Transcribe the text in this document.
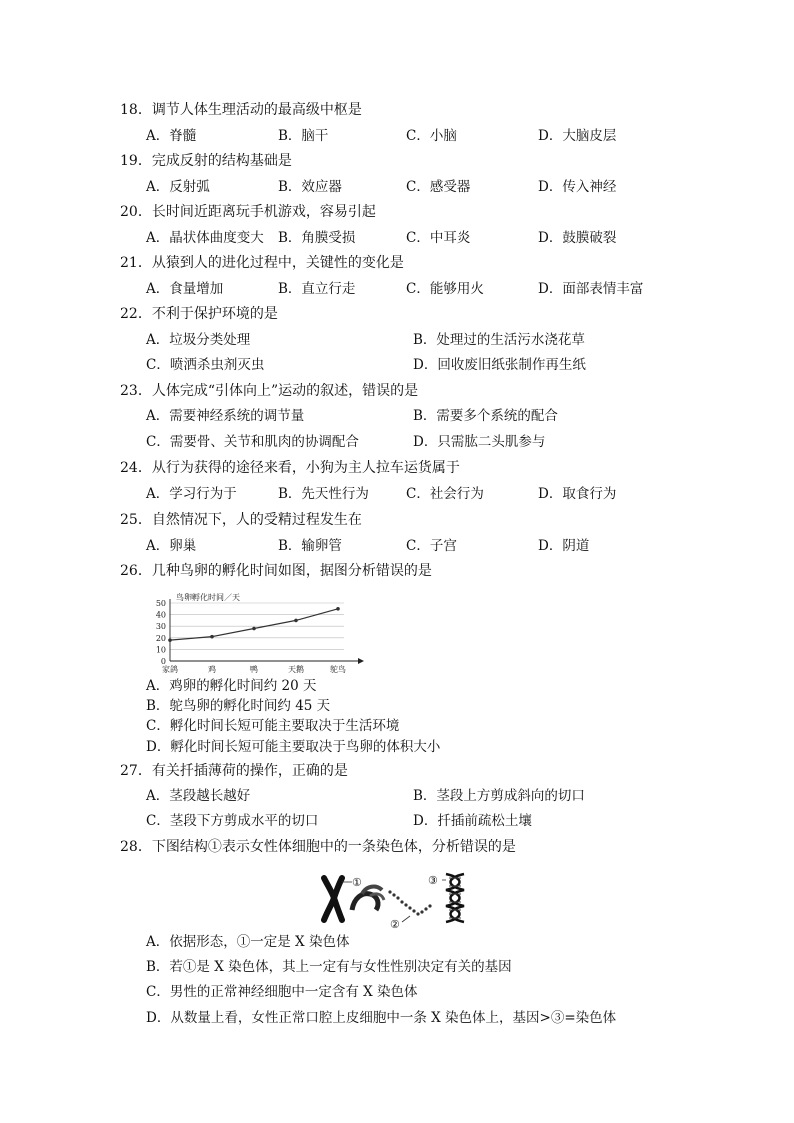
18．调节人体生理活动的最高级中枢是
A．脊髓	B．脑干	C．小脑	D．大脑皮层
19．完成反射的结构基础是
A．反射弧	B．效应器	C．感受器	D．传入神经
20．长时间近距离玩手机游戏，容易引起
A．晶状体曲度变大 B．角膜受损	C．中耳炎	D．鼓膜破裂
21．从猿到人的进化过程中，关键性的变化是
A．食量增加	B．直立行走	C．能够用火	D．面部表情丰富
22．不利于保护环境的是
A．垃圾分类处理	B．处理过的生活污水浇花草
C．喷洒杀虫剂灭虫	D．回收废旧纸张制作再生纸
23．人体完成“引体向上”运动的叙述，错误的是
A．需要神经系统的调节量	B．需要多个系统的配合
C．需要骨、关节和肌肉的协调配合	D．只需肱二头肌参与
24．从行为获得的途径来看，小狗为主人拉车运货属于
A．学习行为于	B．先天性行为	C．社会行为	D．取食行为
25．自然情况下，人的受精过程发生在
A．卵巢	B．输卵管	C．子宫	D．阴道
26．几种鸟卵的孵化时间如图，据图分析错误的是
鸟卵孵化时间／天
0
10
20
30
40
50
家鸽	鸡	鸭	天鹅	鸵鸟
A．鸡卵的孵化时间约 20 天
B．鸵鸟卵的孵化时间约 45 天
C．孵化时间长短可能主要取决于生活环境
D．孵化时间长短可能主要取决于鸟卵的体积大小
27．有关扦插薄荷的操作，正确的是
A．茎段越长越好	B．茎段上方剪成斜向的切口
C．茎段下方剪成水平的切口	D．扦插前疏松土壤
28．下图结构①表示女性体细胞中的一条染色体，分析错误的是
①
②
③
A．依据形态，①一定是 X 染色体
B．若①是 X 染色体，其上一定有与女性性别决定有关的基因
C．男性的正常神经细胞中一定含有 X 染色体
D．从数量上看，女性正常口腔上皮细胞中一条 X 染色体上，基因>③=染色体
